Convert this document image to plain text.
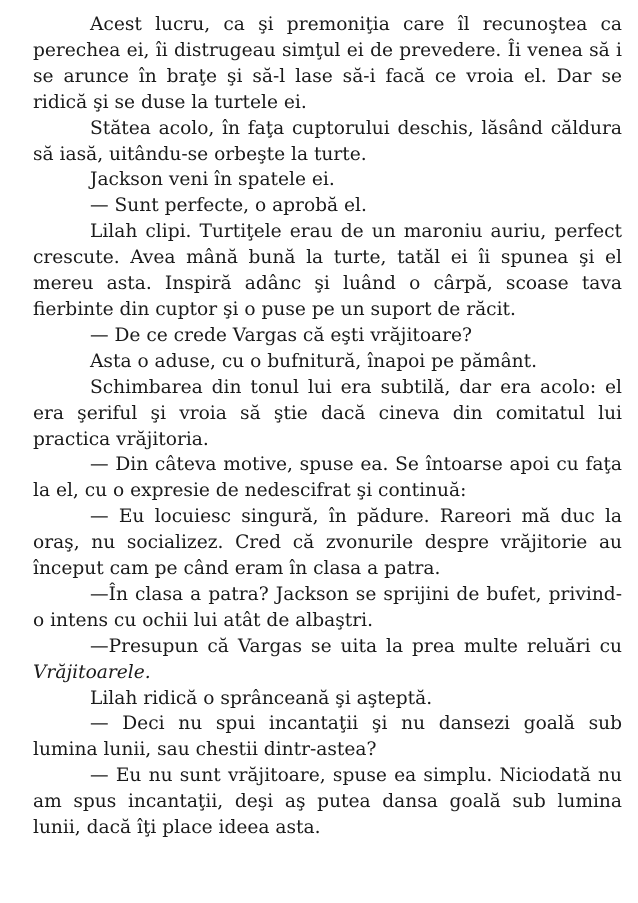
Acest lucru, ca şi premoniţia care îl recunoştea ca perechea ei, îi distrugeau simţul ei de prevedere. Îi venea să i se arunce în braţe şi să-l lase să-i facă ce vroia el. Dar se ridică şi se duse la turtele ei.

Stătea acolo, în faţa cuptorului deschis, lăsând căldura să iasă, uitându-se orbeşte la turte.

Jackson veni în spatele ei.

— Sunt perfecte, o aprobă el.

Lilah clipi. Turtiţele erau de un maroniu auriu, perfect crescute. Avea mână bună la turte, tatăl ei îi spunea şi el mereu asta. Inspiră adânc şi luând o cârpă, scoase tava fierbinte din cuptor şi o puse pe un suport de răcit.

— De ce crede Vargas că eşti vrăjitoare?

Asta o aduse, cu o bufnitură, înapoi pe pământ.

Schimbarea din tonul lui era subtilă, dar era acolo: el era şeriful şi vroia să ştie dacă cineva din comitatul lui practica vrăjitoria.

— Din câteva motive, spuse ea. Se întoarse apoi cu faţa la el, cu o expresie de nedescifrat şi continuă:

— Eu locuiesc singură, în pădure. Rareori mă duc la oraş, nu socializez. Cred că zvonurile despre vrăjitorie au început cam pe când eram în clasa a patra.

—În clasa a patra? Jackson se sprijini de bufet, privind-o intens cu ochii lui atât de albaştri.

—Presupun că Vargas se uita la prea multe reluări cu Vrăjitoarele.

Lilah ridică o sprânceană şi aşteptă.

— Deci nu spui incantaţii şi nu dansezi goală sub lumina lunii, sau chestii dintr-astea?

— Eu nu sunt vrăjitoare, spuse ea simplu. Niciodată nu am spus incantaţii, deşi aş putea dansa goală sub lumina lunii, dacă îţi place ideea asta.
